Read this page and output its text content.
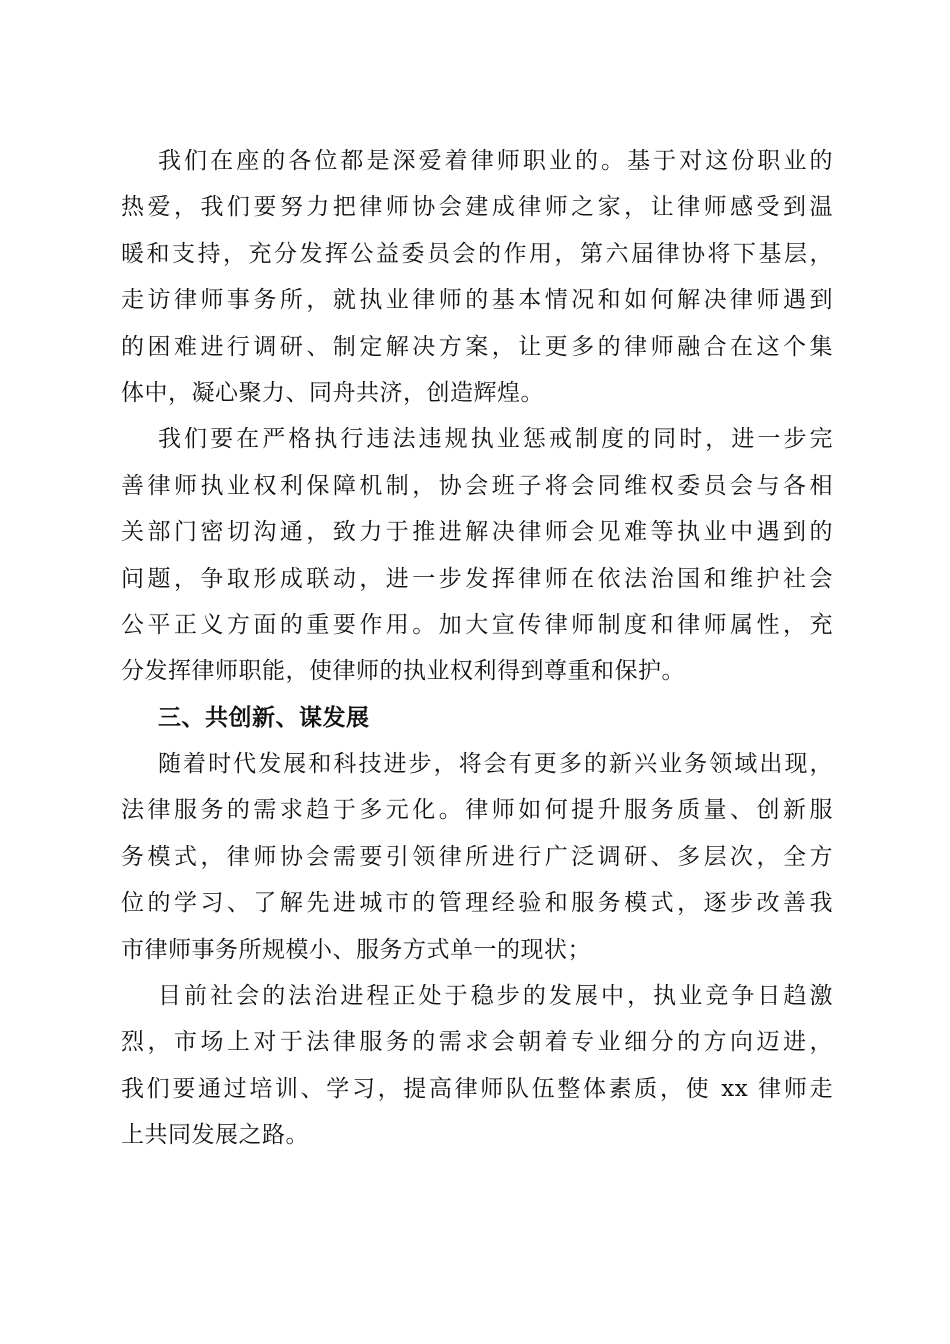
我们在座的各位都是深爱着律师职业的。基于对这份职业的
热爱，我们要努力把律师协会建成律师之家，让律师感受到温
暖和支持，充分发挥公益委员会的作用，第六届律协将下基层，
走访律师事务所，就执业律师的基本情况和如何解决律师遇到
的困难进行调研、制定解决方案，让更多的律师融合在这个集
体中，凝心聚力、同舟共济，创造辉煌。
我们要在严格执行违法违规执业惩戒制度的同时，进一步完
善律师执业权利保障机制，协会班子将会同维权委员会与各相
关部门密切沟通，致力于推进解决律师会见难等执业中遇到的
问题，争取形成联动，进一步发挥律师在依法治国和维护社会
公平正义方面的重要作用。加大宣传律师制度和律师属性，充
分发挥律师职能，使律师的执业权利得到尊重和保护。
三、共创新、谋发展
随着时代发展和科技进步，将会有更多的新兴业务领域出现，
法律服务的需求趋于多元化。律师如何提升服务质量、创新服
务模式，律师协会需要引领律所进行广泛调研、多层次，全方
位的学习、了解先进城市的管理经验和服务模式，逐步改善我
市律师事务所规模小、服务方式单一的现状；
目前社会的法治进程正处于稳步的发展中，执业竞争日趋激
烈，市场上对于法律服务的需求会朝着专业细分的方向迈进，
我们要通过培训、学习，提高律师队伍整体素质，使 xx 律师走
上共同发展之路。
